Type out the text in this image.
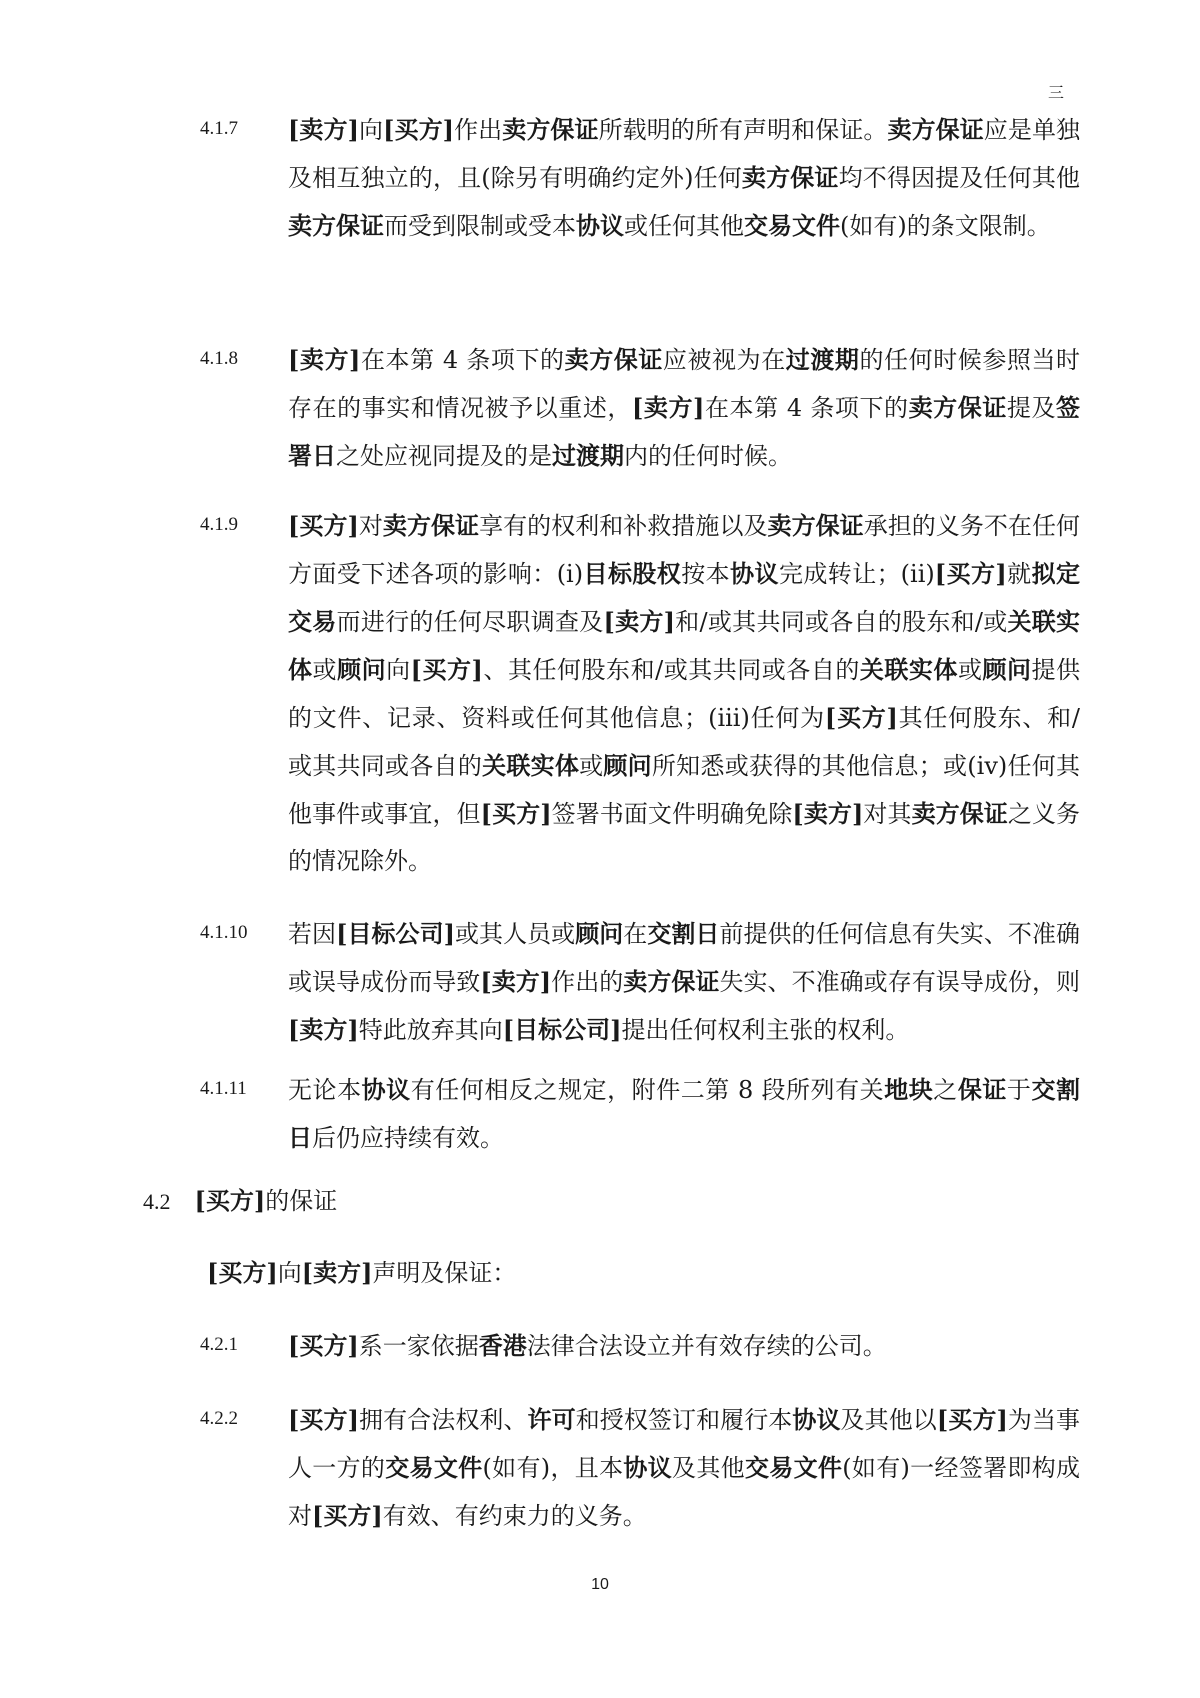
三
4.1.7 [卖方]向[买方]作出卖方保证所载明的所有声明和保证。卖方保证应是单独及相互独立的，且(除另有明确约定外)任何卖方保证均不得因提及任何其他卖方保证而受到限制或受本协议或任何其他交易文件(如有)的条文限制。
4.1.8 [卖方]在本第 4 条项下的卖方保证应被视为在过渡期的任何时候参照当时存在的事实和情况被予以重述，[卖方]在本第 4 条项下的卖方保证提及签署日之处应视同提及的是过渡期内的任何时候。
4.1.9 [买方]对卖方保证享有的权利和补救措施以及卖方保证承担的义务不在任何方面受下述各项的影响：(i)目标股权按本协议完成转让；(ii)[买方]就拟定交易而进行的任何尽职调查及[卖方]和/或其共同或各自的股东和/或关联实体或顾问向[买方]、其任何股东和/或其共同或各自的关联实体或顾问提供的文件、记录、资料或任何其他信息；(iii)任何为[买方]其任何股东、和/或其共同或各自的关联实体或顾问所知悉或获得的其他信息；或(iv)任何其他事件或事宜，但[买方]签署书面文件明确免除[卖方]对其卖方保证之义务的情况除外。
4.1.10 若因[目标公司]或其人员或顾问在交割日前提供的任何信息有失实、不准确或误导成份而导致[卖方]作出的卖方保证失实、不准确或存有误导成份，则[卖方]特此放弃其向[目标公司]提出任何权利主张的权利。
4.1.11 无论本协议有任何相反之规定，附件二第 8 段所列有关地块之保证于交割日后仍应持续有效。
4.2 [买方]的保证
[买方]向[卖方]声明及保证：
4.2.1 [买方]系一家依据香港法律合法设立并有效存续的公司。
4.2.2 [买方]拥有合法权利、许可和授权签订和履行本协议及其他以[买方]为当事人一方的交易文件(如有)，且本协议及其他交易文件(如有)一经签署即构成对[买方]有效、有约束力的义务。
10
